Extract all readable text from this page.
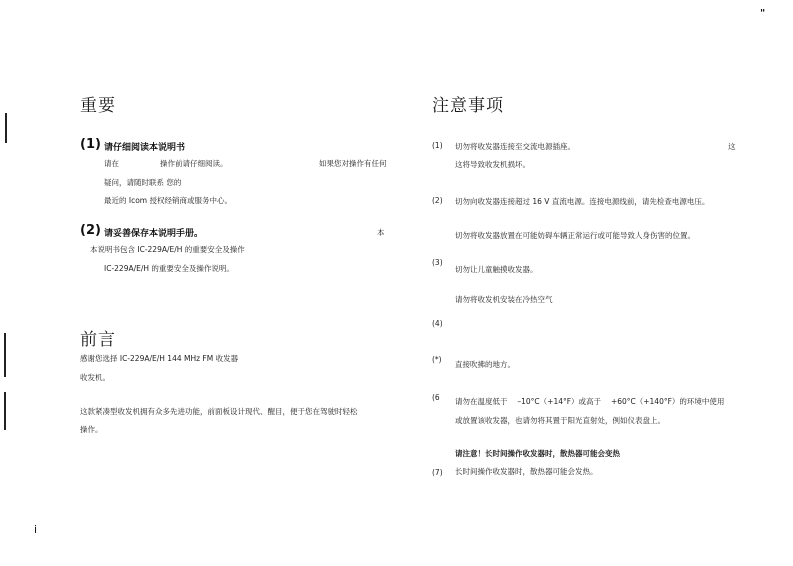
"
i
重要
(1) 请仔细阅读本说明书
请在	操作前请仔细阅读。	如果您对操作有任何
疑问，请随时联系 您的
最近的 Icom 授权经销商或服务中心。
(2) 请妥善保存本说明手册。	本
本说明书包含 IC-229A/E/H 的重要安全及操作
IC-229A/E/H 的重要安全及操作说明。
前言
感谢您选择 IC-229A/E/H 144 MHz FM 收发器
收发机。
这款紧凑型收发机拥有众多先进功能，前面板设计现代、醒目，便于您在驾驶时轻松
操作。
注意事项
(1) 切勿将收发器连接至交流电源插座。	这
这将导致收发机损坏。
(2) 切勿向收发器连接超过 16 V 直流电源。连接电源线前，请先检查电源电压。
切勿将收发器放置在可能妨碍车辆正常运行或可能导致人身伤害的位置。
(3)
切勿让儿童触摸收发器。
请勿将收发机安装在冷热空气
(4)
(*)
直接吹拂的地方。
(6 请勿在温度低于　 –10°C（+14°F）或高于　 +60°C（+140°F）的环境中使用
或放置该收发器，也请勿将其置于阳光直射处，例如仪表盘上。
请注意！长时间操作收发器时，散热器可能会变热
(7) 长时间操作收发器时，散热器可能会发热。
